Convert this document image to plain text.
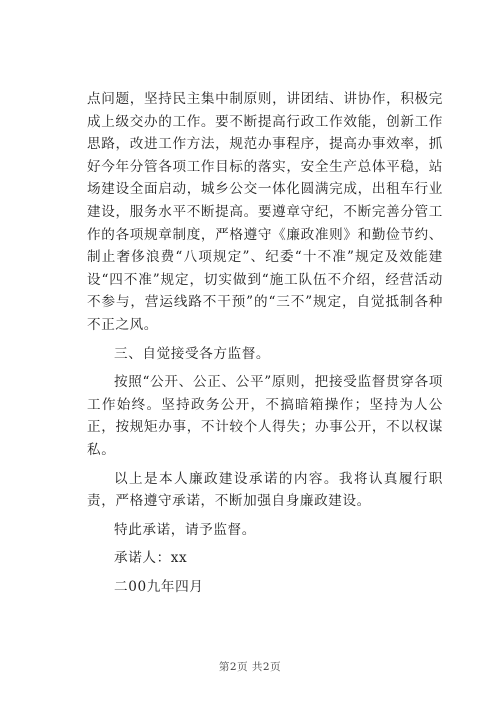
点问题，坚持民主集中制原则，讲团结、讲协作，积极完成上级交办的工作。要不断提高行政工作效能，创新工作思路，改进工作方法，规范办事程序，提高办事效率，抓好今年分管各项工作目标的落实，安全生产总体平稳，站场建设全面启动，城乡公交一体化圆满完成，出租车行业建设，服务水平不断提高。要遵章守纪，不断完善分管工作的各项规章制度，严格遵守《廉政准则》和勤俭节约、制止奢侈浪费“八项规定”、纪委“十不准”规定及效能建设“四不准”规定，切实做到“施工队伍不介绍，经营活动不参与，营运线路不干预”的“三不”规定，自觉抵制各种不正之风。

三、自觉接受各方监督。

按照“公开、公正、公平”原则，把接受监督贯穿各项工作始终。坚持政务公开，不搞暗箱操作；坚持为人公正，按规矩办事，不计较个人得失；办事公开，不以权谋私。

以上是本人廉政建设承诺的内容。我将认真履行职责，严格遵守承诺，不断加强自身廉政建设。

特此承诺，请予监督。

承诺人：xx

二00九年四月

第2页 共2页
